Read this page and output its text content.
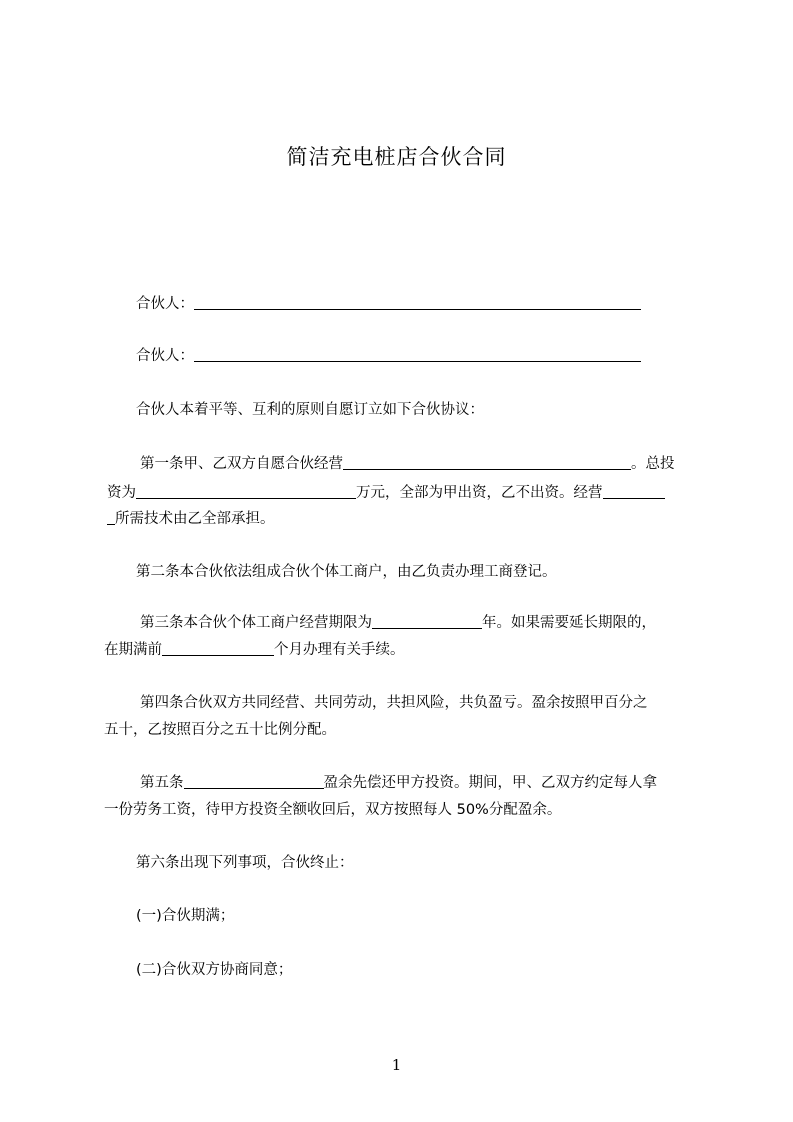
简洁充电桩店合伙合同
合伙人：
合伙人：
合伙人本着平等、互利的原则自愿订立如下合伙协议：
第一条甲、乙双方自愿合伙经营	。总投
资为	万元，全部为甲出资，乙不出资。经营
所需技术由乙全部承担。
第二条本合伙依法组成合伙个体工商户，由乙负责办理工商登记。
第三条本合伙个体工商户经营期限为	年。如果需要延长期限的，
在期满前	个月办理有关手续。
第四条合伙双方共同经营、共同劳动，共担风险，共负盈亏。盈余按照甲百分之
五十，乙按照百分之五十比例分配。
第五条	盈余先偿还甲方投资。期间，甲、乙双方约定每人拿
一份劳务工资，待甲方投资全额收回后，双方按照每人 50%分配盈余。
第六条出现下列事项，合伙终止：
(一)合伙期满；
(二)合伙双方协商同意；
1
